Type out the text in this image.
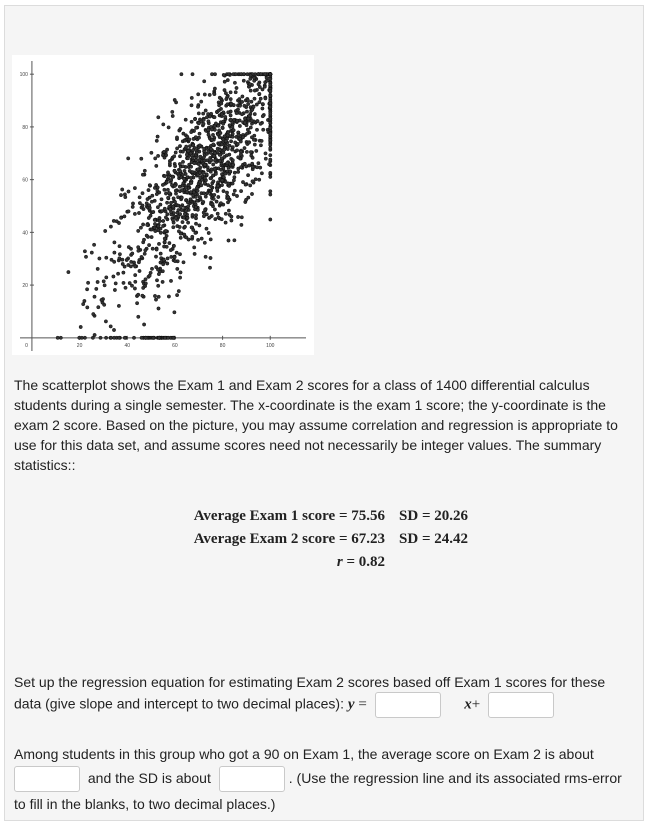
20	40	60	80	100
20
40
60
80
100
0
The scatterplot shows the Exam 1 and Exam 2 scores for a class of 1400 differential calculus students during a single semester. The x-coordinate is the exam 1 score; the y-coordinate is the exam 2 score. Based on the picture, you may assume correlation and regression is appropriate to use for this data set, and assume scores need not necessarily be integer values. The summary statistics::
Average Exam 1 score = 75.56 SD = 20.26
Average Exam 2 score = 67.23 SD = 24.42
r = 0.82
Set up the regression equation for estimating Exam 2 scores based off Exam 1 scores for these data (give slope and intercept to two decimal places): y =	x+
Among students in this group who got a 90 on Exam 1, the average score on Exam 2 is about  and the SD is about	. (Use the regression line and its associated rms-error to fill in the blanks, to two decimal places.)
